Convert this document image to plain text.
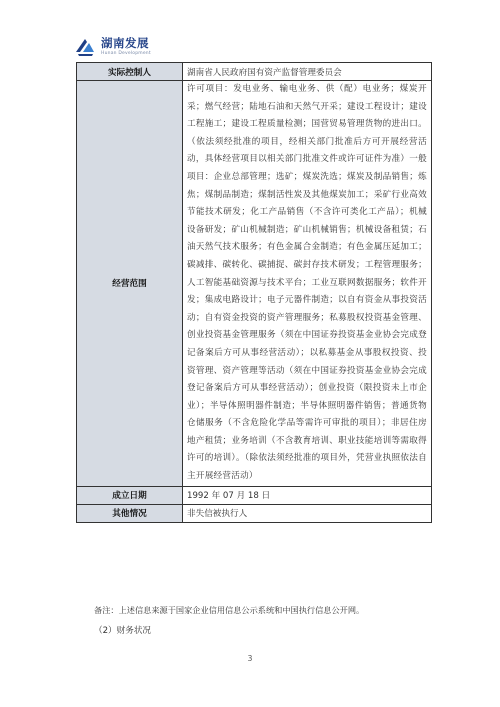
湖南发展
Hunan Development
实际控制人	湖南省人民政府国有资产监督管理委员会
经营范围	许可项目：发电业务、输电业务、供（配）电业务；煤炭开采；燃气经营；陆地石油和天然气开采；建设工程设计；建设工程施工；建设工程质量检测；国营贸易管理货物的进出口。（依法须经批准的项目，经相关部门批准后方可开展经营活动，具体经营项目以相关部门批准文件或许可证件为准）一般项目：企业总部管理；选矿；煤炭洗选；煤炭及制品销售；炼焦；煤制品制造；煤制活性炭及其他煤炭加工；采矿行业高效节能技术研发；化工产品销售（不含许可类化工产品）；机械设备研发；矿山机械制造；矿山机械销售；机械设备租赁；石油天然气技术服务；有色金属合金制造；有色金属压延加工；碳减排、碳转化、碳捕捉、碳封存技术研发；工程管理服务；人工智能基础资源与技术平台；工业互联网数据服务；软件开发；集成电路设计；电子元器件制造；以自有资金从事投资活动；自有资金投资的资产管理服务；私募股权投资基金管理、创业投资基金管理服务（须在中国证券投资基金业协会完成登记备案后方可从事经营活动）；以私募基金从事股权投资、投资管理、资产管理等活动（须在中国证券投资基金业协会完成登记备案后方可从事经营活动）；创业投资（限投资未上市企业）；半导体照明器件制造；半导体照明器件销售；普通货物仓储服务（不含危险化学品等需许可审批的项目）；非居住房地产租赁；业务培训（不含教育培训、职业技能培训等需取得许可的培训）。（除依法须经批准的项目外，凭营业执照依法自主开展经营活动）
成立日期	1992 年 07 月 18 日
其他情况	非失信被执行人
备注：上述信息来源于国家企业信用信息公示系统和中国执行信息公开网。
（2）财务状况
3
